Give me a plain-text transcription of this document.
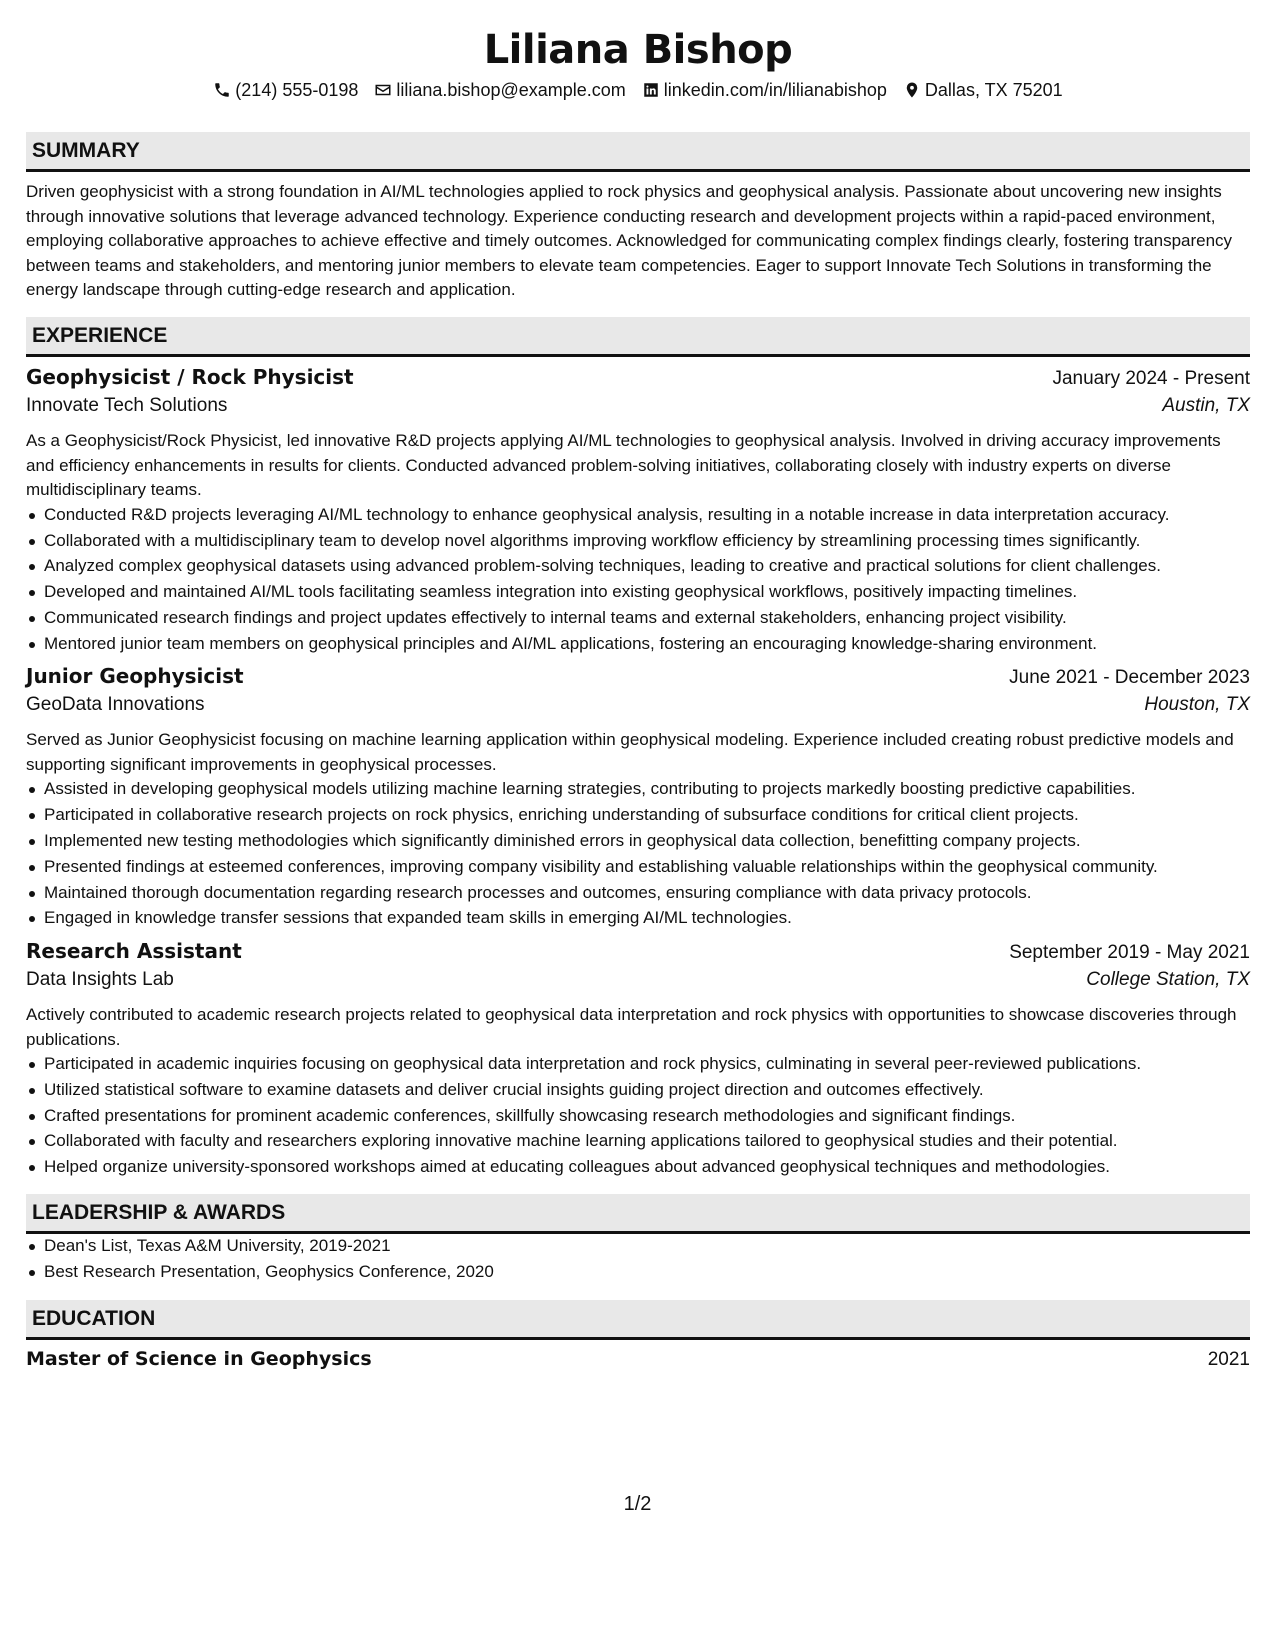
Liliana Bishop
(214) 555-0198 liliana.bishop@example.com linkedin.com/in/lilianabishop Dallas, TX 75201
SUMMARY

Driven geophysicist with a strong foundation in AI/ML technologies applied to rock physics and geophysical analysis. Passionate about uncovering new insights through innovative solutions that leverage advanced technology. Experience conducting research and development projects within a rapid-paced environment, employing collaborative approaches to achieve effective and timely outcomes. Acknowledged for communicating complex findings clearly, fostering transparency between teams and stakeholders, and mentoring junior members to elevate team competencies. Eager to support Innovate Tech Solutions in transforming the energy landscape through cutting-edge research and application.

EXPERIENCE
Geophysicist / Rock Physicist	January 2024 - Present
Innovate Tech Solutions	Austin, TX

As a Geophysicist/Rock Physicist, led innovative R&D projects applying AI/ML technologies to geophysical analysis. Involved in driving accuracy improvements and efficiency enhancements in results for clients. Conducted advanced problem-solving initiatives, collaborating closely with industry experts on diverse multidisciplinary teams.

Conducted R&D projects leveraging AI/ML technology to enhance geophysical analysis, resulting in a notable increase in data interpretation accuracy.
Collaborated with a multidisciplinary team to develop novel algorithms improving workflow efficiency by streamlining processing times significantly.
Analyzed complex geophysical datasets using advanced problem-solving techniques, leading to creative and practical solutions for client challenges.
Developed and maintained AI/ML tools facilitating seamless integration into existing geophysical workflows, positively impacting timelines.
Communicated research findings and project updates effectively to internal teams and external stakeholders, enhancing project visibility.
Mentored junior team members on geophysical principles and AI/ML applications, fostering an encouraging knowledge-sharing environment.
Junior Geophysicist	June 2021 - December 2023
GeoData Innovations	Houston, TX

Served as Junior Geophysicist focusing on machine learning application within geophysical modeling. Experience included creating robust predictive models and supporting significant improvements in geophysical processes.

Assisted in developing geophysical models utilizing machine learning strategies, contributing to projects markedly boosting predictive capabilities.
Participated in collaborative research projects on rock physics, enriching understanding of subsurface conditions for critical client projects.
Implemented new testing methodologies which significantly diminished errors in geophysical data collection, benefitting company projects.
Presented findings at esteemed conferences, improving company visibility and establishing valuable relationships within the geophysical community.
Maintained thorough documentation regarding research processes and outcomes, ensuring compliance with data privacy protocols.
Engaged in knowledge transfer sessions that expanded team skills in emerging AI/ML technologies.
Research Assistant	September 2019 - May 2021
Data Insights Lab	College Station, TX

Actively contributed to academic research projects related to geophysical data interpretation and rock physics with opportunities to showcase discoveries through publications.

Participated in academic inquiries focusing on geophysical data interpretation and rock physics, culminating in several peer-reviewed publications.
Utilized statistical software to examine datasets and deliver crucial insights guiding project direction and outcomes effectively.
Crafted presentations for prominent academic conferences, skillfully showcasing research methodologies and significant findings.
Collaborated with faculty and researchers exploring innovative machine learning applications tailored to geophysical studies and their potential.
Helped organize university-sponsored workshops aimed at educating colleagues about advanced geophysical techniques and methodologies.
LEADERSHIP & AWARDS
Dean's List, Texas A&M University, 2019-2021
Best Research Presentation, Geophysics Conference, 2020
EDUCATION
Master of Science in Geophysics	2021
1/2
